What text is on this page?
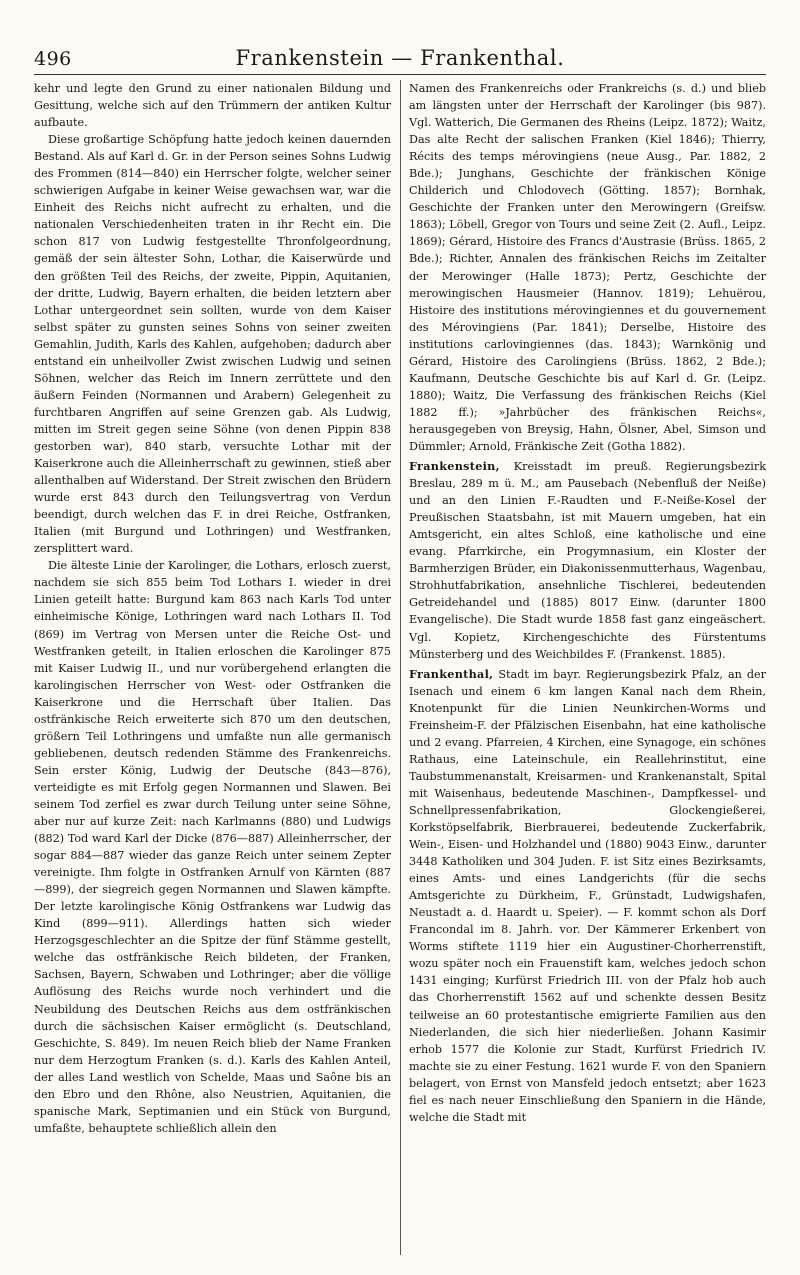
496	Frankenstein — Frankenthal.

kehr und legte den Grund zu einer nationalen Bildung und Gesittung, welche sich auf den Trümmern der antiken Kultur aufbaute.

Diese großartige Schöpfung hatte jedoch keinen dauernden Bestand. Als auf Karl d. Gr. in der Person seines Sohns Ludwig des Frommen (814—840) ein Herrscher folgte, welcher seiner schwierigen Aufgabe in keiner Weise gewachsen war, war die Einheit des Reichs nicht aufrecht zu erhalten, und die nationalen Verschiedenheiten traten in ihr Recht ein. Die schon 817 von Ludwig festgestellte Thronfolgeordnung, gemäß der sein ältester Sohn, Lothar, die Kaiserwürde und den größten Teil des Reichs, der zweite, Pippin, Aquitanien, der dritte, Ludwig, Bayern erhalten, die beiden letztern aber Lothar untergeordnet sein sollten, wurde von dem Kaiser selbst später zu gunsten seines Sohns von seiner zweiten Gemahlin, Judith, Karls des Kahlen, aufgehoben; dadurch aber entstand ein unheilvoller Zwist zwischen Ludwig und seinen Söhnen, welcher das Reich im Innern zerrüttete und den äußern Feinden (Normannen und Arabern) Gelegenheit zu furchtbaren Angriffen auf seine Grenzen gab. Als Ludwig, mitten im Streit gegen seine Söhne (von denen Pippin 838 gestorben war), 840 starb, versuchte Lothar mit der Kaiserkrone auch die Alleinherrschaft zu gewinnen, stieß aber allenthalben auf Widerstand. Der Streit zwischen den Brüdern wurde erst 843 durch den Teilungsvertrag von Verdun beendigt, durch welchen das F. in drei Reiche, Ostfranken, Italien (mit Burgund und Lothringen) und Westfranken, zersplittert ward.

Die älteste Linie der Karolinger, die Lothars, erlosch zuerst, nachdem sie sich 855 beim Tod Lothars I. wieder in drei Linien geteilt hatte: Burgund kam 863 nach Karls Tod unter einheimische Könige, Lothringen ward nach Lothars II. Tod (869) im Vertrag von Mersen unter die Reiche Ost- und Westfranken geteilt, in Italien erloschen die Karolinger 875 mit Kaiser Ludwig II., und nur vorübergehend erlangten die karolingischen Herrscher von West- oder Ostfranken die Kaiserkrone und die Herrschaft über Italien. Das ostfränkische Reich erweiterte sich 870 um den deutschen, größern Teil Lothringens und umfaßte nun alle germanisch gebliebenen, deutsch redenden Stämme des Frankenreichs. Sein erster König, Ludwig der Deutsche (843—876), verteidigte es mit Erfolg gegen Normannen und Slawen. Bei seinem Tod zerfiel es zwar durch Teilung unter seine Söhne, aber nur auf kurze Zeit: nach Karlmanns (880) und Ludwigs (882) Tod ward Karl der Dicke (876—887) Alleinherrscher, der sogar 884—887 wieder das ganze Reich unter seinem Zepter vereinigte. Ihm folgte in Ostfranken Arnulf von Kärnten (887—899), der siegreich gegen Normannen und Slawen kämpfte. Der letzte karolingische König Ostfrankens war Ludwig das Kind (899—911). Allerdings hatten sich wieder Herzogsgeschlechter an die Spitze der fünf Stämme gestellt, welche das ostfränkische Reich bildeten, der Franken, Sachsen, Bayern, Schwaben und Lothringer; aber die völlige Auflösung des Reichs wurde noch verhindert und die Neubildung des Deutschen Reichs aus dem ostfränkischen durch die sächsischen Kaiser ermöglicht (s. Deutschland, Geschichte, S. 849). Im neuen Reich blieb der Name Franken nur dem Herzogtum Franken (s. d.). Karls des Kahlen Anteil, der alles Land westlich von Schelde, Maas und Saône bis an den Ebro und den Rhône, also Neustrien, Aquitanien, die spanische Mark, Septimanien und ein Stück von Burgund, umfaßte, behauptete schließlich allein den

Namen des Frankenreichs oder Frankreichs (s. d.) und blieb am längsten unter der Herrschaft der Karolinger (bis 987). Vgl. Watterich, Die Germanen des Rheins (Leipz. 1872); Waitz, Das alte Recht der salischen Franken (Kiel 1846); Thierry, Récits des temps mérovingiens (neue Ausg., Par. 1882, 2 Bde.); Junghans, Geschichte der fränkischen Könige Childerich und Chlodovech (Götting. 1857); Bornhak, Geschichte der Franken unter den Merowingern (Greifsw. 1863); Löbell, Gregor von Tours und seine Zeit (2. Aufl., Leipz. 1869); Gérard, Histoire des Francs d'Austrasie (Brüss. 1865, 2 Bde.); Richter, Annalen des fränkischen Reichs im Zeitalter der Merowinger (Halle 1873); Pertz, Geschichte der merowingischen Hausmeier (Hannov. 1819); Lehuërou, Histoire des institutions mérovingiennes et du gouvernement des Mérovingiens (Par. 1841); Derselbe, Histoire des institutions carlovingiennes (das. 1843); Warnkönig und Gérard, Histoire des Carolingiens (Brüss. 1862, 2 Bde.); Kaufmann, Deutsche Geschichte bis auf Karl d. Gr. (Leipz. 1880); Waitz, Die Verfassung des fränkischen Reichs (Kiel 1882 ff.); »Jahrbücher des fränkischen Reichs«, herausgegeben von Breysig, Hahn, Ölsner, Abel, Simson und Dümmler; Arnold, Fränkische Zeit (Gotha 1882).

Frankenstein, Kreisstadt im preuß. Regierungsbezirk Breslau, 289 m ü. M., am Pausebach (Nebenfluß der Neiße) und an den Linien F.-Raudten und F.-Neiße-Kosel der Preußischen Staatsbahn, ist mit Mauern umgeben, hat ein Amtsgericht, ein altes Schloß, eine katholische und eine evang. Pfarrkirche, ein Progymnasium, ein Kloster der Barmherzigen Brüder, ein Diakonissenmutterhaus, Wagenbau, Strohhutfabrikation, ansehnliche Tischlerei, bedeutenden Getreidehandel und (1885) 8017 Einw. (darunter 1800 Evangelische). Die Stadt wurde 1858 fast ganz eingeäschert. Vgl. Kopietz, Kirchengeschichte des Fürstentums Münsterberg und des Weichbildes F. (Frankenst. 1885).

Frankenthal, Stadt im bayr. Regierungsbezirk Pfalz, an der Isenach und einem 6 km langen Kanal nach dem Rhein, Knotenpunkt für die Linien Neunkirchen-Worms und Freinsheim-F. der Pfälzischen Eisenbahn, hat eine katholische und 2 evang. Pfarreien, 4 Kirchen, eine Synagoge, ein schönes Rathaus, eine Lateinschule, ein Reallehrinstitut, eine Taubstummenanstalt, Kreisarmen- und Krankenanstalt, Spital mit Waisenhaus, bedeutende Maschinen-, Dampfkessel- und Schnellpressenfabrikation, Glockengießerei, Korkstöpselfabrik, Bierbrauerei, bedeutende Zuckerfabrik, Wein-, Eisen- und Holzhandel und (1880) 9043 Einw., darunter 3448 Katholiken und 304 Juden. F. ist Sitz eines Bezirksamts, eines Amts- und eines Landgerichts (für die sechs Amtsgerichte zu Dürkheim, F., Grünstadt, Ludwigshafen, Neustadt a. d. Haardt u. Speier). — F. kommt schon als Dorf Francondal im 8. Jahrh. vor. Der Kämmerer Erkenbert von Worms stiftete 1119 hier ein Augustiner-Chorherrenstift, wozu später noch ein Frauenstift kam, welches jedoch schon 1431 einging; Kurfürst Friedrich III. von der Pfalz hob auch das Chorherrenstift 1562 auf und schenkte dessen Besitz teilweise an 60 protestantische emigrierte Familien aus den Niederlanden, die sich hier niederließen. Johann Kasimir erhob 1577 die Kolonie zur Stadt, Kurfürst Friedrich IV. machte sie zu einer Festung. 1621 wurde F. von den Spaniern belagert, von Ernst von Mansfeld jedoch entsetzt; aber 1623 fiel es nach neuer Einschließung den Spaniern in die Hände, welche die Stadt mit
